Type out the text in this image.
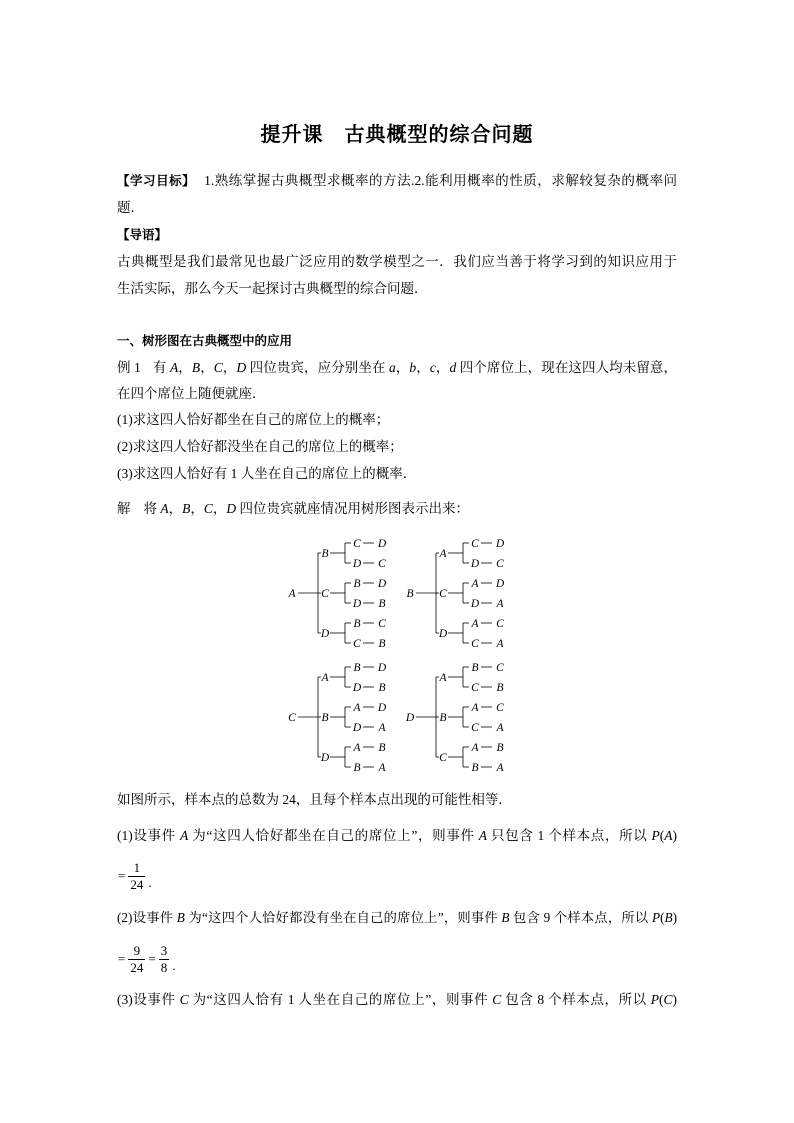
提升课　古典概型的综合问题
【学习目标】 1.熟练掌握古典概型求概率的方法.2.能利用概率的性质，求解较复杂的概率问
题．
【导语】
古典概型是我们最常见也最广泛应用的数学模型之一．我们应当善于将学习到的知识应用于
生活实际，那么今天一起探讨古典概型的综合问题．
一、树形图在古典概型中的应用
例 1 有 A，B，C，D 四位贵宾，应分别坐在 a，b，c，d 四个席位上，现在这四人均未留意，
在四个席位上随便就座．
(1)求这四人恰好都坐在自己的席位上的概率；
(2)求这四人恰好都没坐在自己的席位上的概率；
(3)求这四人恰好有 1 人坐在自己的席位上的概率．
解 将 A，B，C，D 四位贵宾就座情况用树形图表示出来：
A
B
C D
D C
C
B D
D B
D
B C
C B
B
A
C D
D C
C
A D
D A
D
A C
C A
C
A
B D
D B
B
A D
D A
D
A B
B A
D
A
B C
C B
B
A C
C A
C
A B
B A
如图所示，样本点的总数为 24，且每个样本点出现的可能性相等．
(1)设事件 A 为“这四人恰好都坐在自己的席位上”，则事件 A 只包含 1 个样本点，所以 P(A)
= $\frac{1}{24}$ .
(2)设事件 B 为“这四个人恰好都没有坐在自己的席位上”，则事件 B 包含 9 个样本点，所以 P(B)
= $\frac{9}{24} = \frac{3}{8}$ .
(3)设事件 C 为“这四人恰有 1 人坐在自己的席位上”，则事件 C 包含 8 个样本点，所以 P(C)
